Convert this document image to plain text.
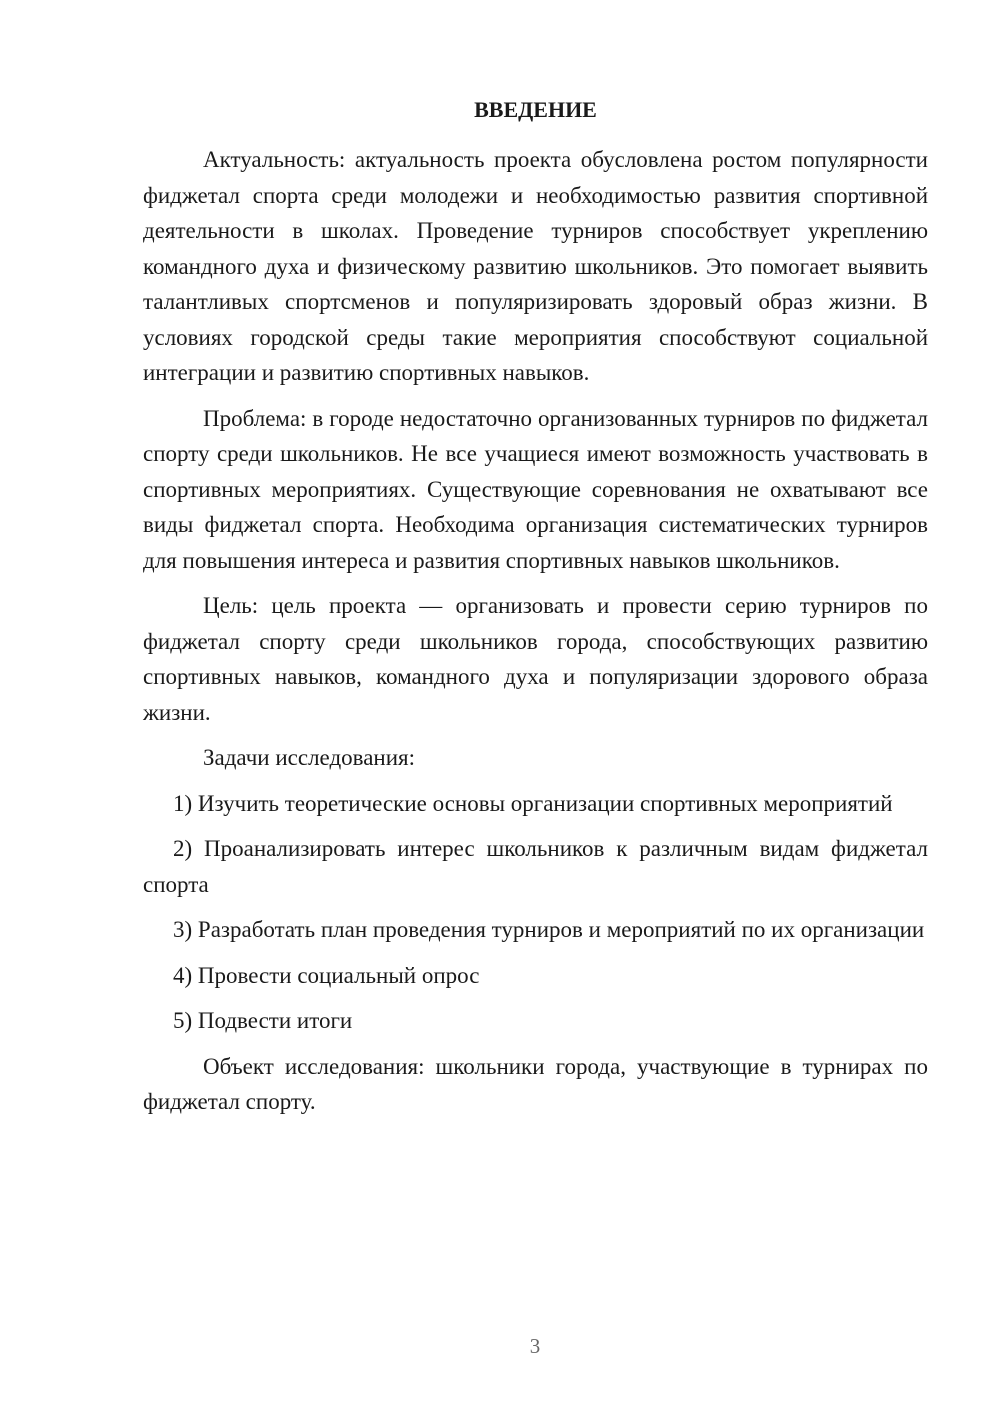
ВВЕДЕНИЕ

Актуальность: актуальность проекта обусловлена ростом популярности фиджетал спорта среди молодежи и необходимостью развития спортивной деятельности в школах. Проведение турниров способствует укреплению командного духа и физическому развитию школьников. Это помогает выявить талантливых спортсменов и популяризировать здоровый образ жизни. В условиях городской среды такие мероприятия способствуют социальной интеграции и развитию спортивных навыков.

Проблема: в городе недостаточно организованных турниров по фиджетал спорту среди школьников. Не все учащиеся имеют возможность участвовать в спортивных мероприятиях. Существующие соревнования не охватывают все виды фиджетал спорта. Необходима организация систематических турниров для повышения интереса и развития спортивных навыков школьников.

Цель: цель проекта — организовать и провести серию турниров по фиджетал спорту среди школьников города, способствующих развитию спортивных навыков, командного духа и популяризации здорового образа жизни.

Задачи исследования:

1) Изучить теоретические основы организации спортивных мероприятий

2) Проанализировать интерес школьников к различным видам фиджетал спорта

3) Разработать план проведения турниров и мероприятий по их организации

4) Провести социальный опрос

5) Подвести итоги

Объект исследования: школьники города, участвующие в турнирах по фиджетал спорту.

3
